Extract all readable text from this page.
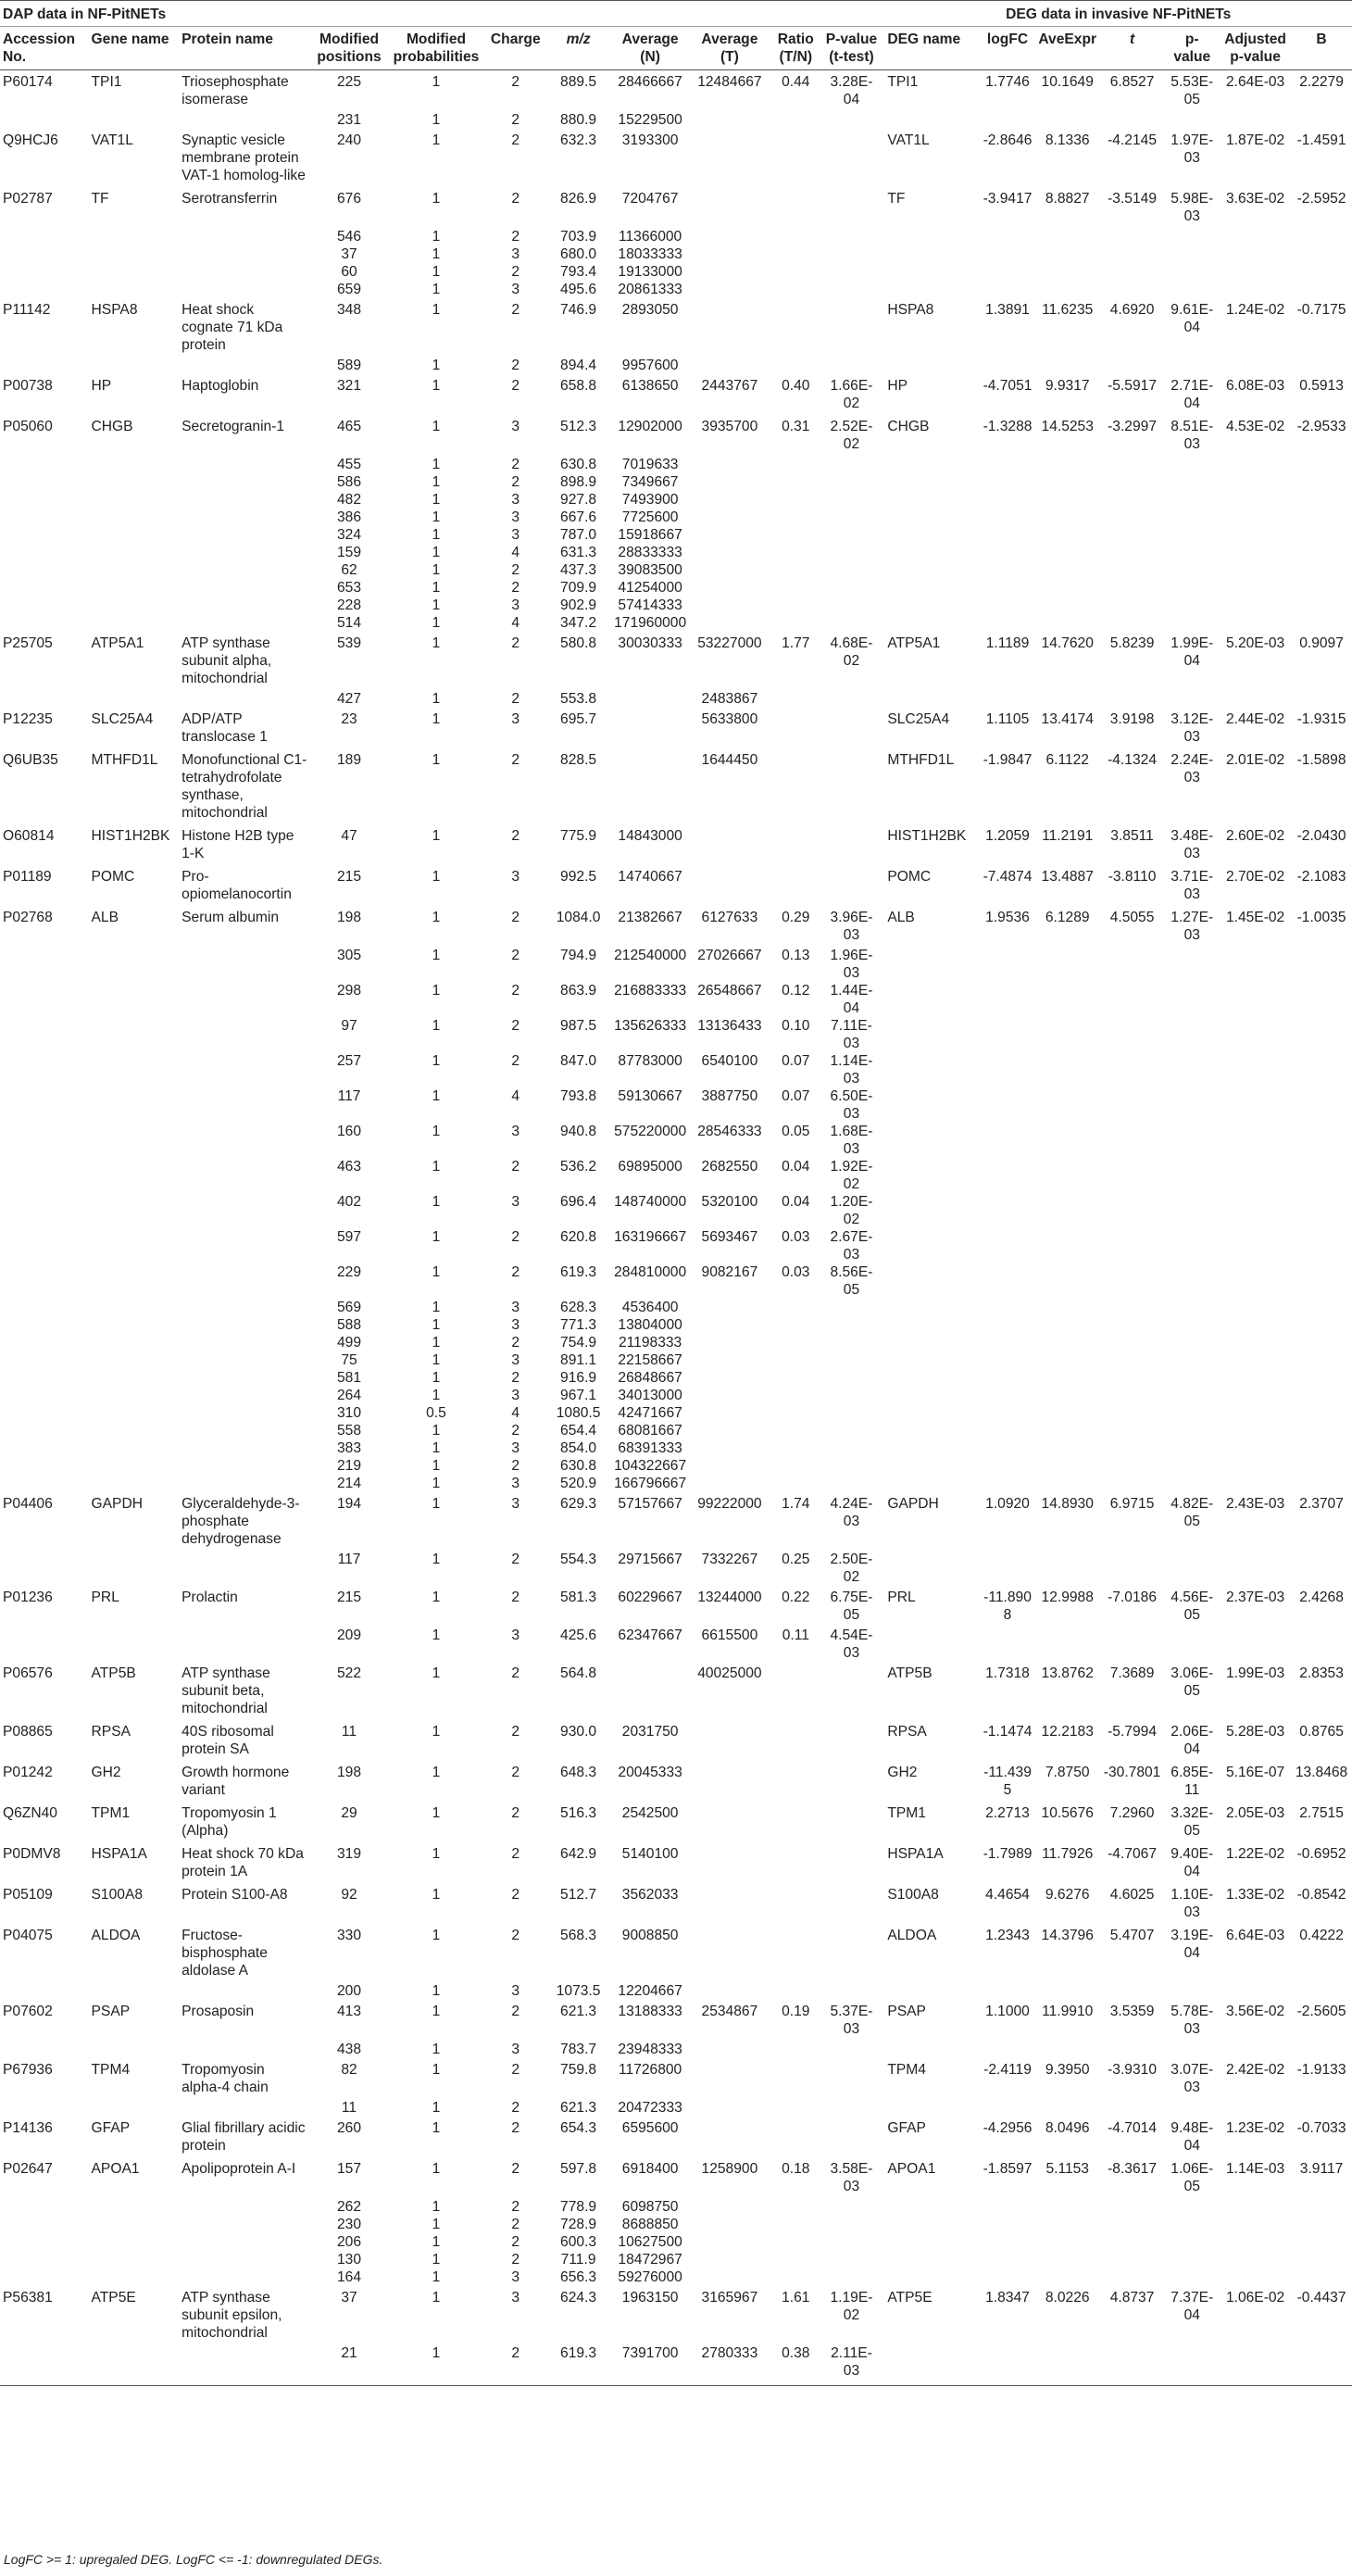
DAP data in NF-PitNETs											DEG data in invasive NF-PitNETs						
Accession No.	Gene name	Protein name	Modified positions	Modified probabilities	Charge	m/z	Average (N)	Average (T)	Ratio (T/N)	P-value (t-test)	DEG name	logFC	AveExpr	t	p-value	Adjusted p-value	B
P60174	TPI1	Triosephosphate isomerase	225	1	2	889.5	28466667	12484667	0.44	3.28E-04	TPI1	1.7746	10.1649	6.8527	5.53E-05	2.64E-03	2.2279
			231	1	2	880.9	15229500										
Q9HCJ6	VAT1L	Synaptic vesicle membrane protein VAT-1 homolog-like	240	1	2	632.3	3193300				VAT1L	-2.8646	8.1336	-4.2145	1.97E-03	1.87E-02	-1.4591
P02787	TF	Serotransferrin	676	1	2	826.9	7204767				TF	-3.9417	8.8827	-3.5149	5.98E-03	3.63E-02	-2.5952
			546	1	2	703.9	11366000										
			37	1	3	680.0	18033333										
			60	1	2	793.4	19133000										
			659	1	3	495.6	20861333										
P11142	HSPA8	Heat shock cognate 71 kDa protein	348	1	2	746.9	2893050				HSPA8	1.3891	11.6235	4.6920	9.61E-04	1.24E-02	-0.7175
			589	1	2	894.4	9957600										
P00738	HP	Haptoglobin	321	1	2	658.8	6138650	2443767	0.40	1.66E-02	HP	-4.7051	9.9317	-5.5917	2.71E-04	6.08E-03	0.5913
P05060	CHGB	Secretogranin-1	465	1	3	512.3	12902000	3935700	0.31	2.52E-02	CHGB	-1.3288	14.5253	-3.2997	8.51E-03	4.53E-02	-2.9533
			455	1	2	630.8	7019633										
			586	1	2	898.9	7349667										
			482	1	3	927.8	7493900										
			386	1	3	667.6	7725600										
			324	1	3	787.0	15918667										
			159	1	4	631.3	28833333										
			62	1	2	437.3	39083500										
			653	1	2	709.9	41254000										
			228	1	3	902.9	57414333										
			514	1	4	347.2	171960000										
P25705	ATP5A1	ATP synthase subunit alpha, mitochondrial	539	1	2	580.8	30030333	53227000	1.77	4.68E-02	ATP5A1	1.1189	14.7620	5.8239	1.99E-04	5.20E-03	0.9097
			427	1	2	553.8		2483867									
P12235	SLC25A4	ADP/ATP translocase 1	23	1	3	695.7		5633800			SLC25A4	1.1105	13.4174	3.9198	3.12E-03	2.44E-02	-1.9315
Q6UB35	MTHFD1L	Monofunctional C1-tetrahydrofolate synthase, mitochondrial	189	1	2	828.5		1644450			MTHFD1L	-1.9847	6.1122	-4.1324	2.24E-03	2.01E-02	-1.5898
O60814	HIST1H2BK	Histone H2B type 1-K	47	1	2	775.9	14843000				HIST1H2BK	1.2059	11.2191	3.8511	3.48E-03	2.60E-02	-2.0430
P01189	POMC	Pro-opiomelanocortin	215	1	3	992.5	14740667				POMC	-7.4874	13.4887	-3.8110	3.71E-03	2.70E-02	-2.1083
P02768	ALB	Serum albumin	198	1	2	1084.0	21382667	6127633	0.29	3.96E-03	ALB	1.9536	6.1289	4.5055	1.27E-03	1.45E-02	-1.0035
			305	1	2	794.9	212540000	27026667	0.13	1.96E-03							
			298	1	2	863.9	216883333	26548667	0.12	1.44E-04							
			97	1	2	987.5	135626333	13136433	0.10	7.11E-03							
			257	1	2	847.0	87783000	6540100	0.07	1.14E-03							
			117	1	4	793.8	59130667	3887750	0.07	6.50E-03							
			160	1	3	940.8	575220000	28546333	0.05	1.68E-03							
			463	1	2	536.2	69895000	2682550	0.04	1.92E-02							
			402	1	3	696.4	148740000	5320100	0.04	1.20E-02							
			597	1	2	620.8	163196667	5693467	0.03	2.67E-03							
			229	1	2	619.3	284810000	9082167	0.03	8.56E-05							
			569	1	3	628.3	4536400										
			588	1	3	771.3	13804000										
			499	1	2	754.9	21198333										
			75	1	3	891.1	22158667										
			581	1	2	916.9	26848667										
			264	1	3	967.1	34013000										
			310	0.5	4	1080.5	42471667										
			558	1	2	654.4	68081667										
			383	1	3	854.0	68391333										
			219	1	2	630.8	104322667										
			214	1	3	520.9	166796667										
P04406	GAPDH	Glyceraldehyde-3-phosphate dehydrogenase	194	1	3	629.3	57157667	99222000	1.74	4.24E-03	GAPDH	1.0920	14.8930	6.9715	4.82E-05	2.43E-03	2.3707
			117	1	2	554.3	29715667	7332267	0.25	2.50E-02							
P01236	PRL	Prolactin	215	1	2	581.3	60229667	13244000	0.22	6.75E-05	PRL	-11.8908	12.9988	-7.0186	4.56E-05	2.37E-03	2.4268
			209	1	3	425.6	62347667	6615500	0.11	4.54E-03							
P06576	ATP5B	ATP synthase subunit beta, mitochondrial	522	1	2	564.8		40025000			ATP5B	1.7318	13.8762	7.3689	3.06E-05	1.99E-03	2.8353
P08865	RPSA	40S ribosomal protein SA	11	1	2	930.0	2031750				RPSA	-1.1474	12.2183	-5.7994	2.06E-04	5.28E-03	0.8765
P01242	GH2	Growth hormone variant	198	1	2	648.3	20045333				GH2	-11.4395	7.8750	-30.7801	6.85E-11	5.16E-07	13.8468
Q6ZN40	TPM1	Tropomyosin 1 (Alpha)	29	1	2	516.3	2542500				TPM1	2.2713	10.5676	7.2960	3.32E-05	2.05E-03	2.7515
P0DMV8	HSPA1A	Heat shock 70 kDa protein 1A	319	1	2	642.9	5140100				HSPA1A	-1.7989	11.7926	-4.7067	9.40E-04	1.22E-02	-0.6952
P05109	S100A8	Protein S100-A8	92	1	2	512.7	3562033				S100A8	4.4654	9.6276	4.6025	1.10E-03	1.33E-02	-0.8542
P04075	ALDOA	Fructose-bisphosphate aldolase A	330	1	2	568.3	9008850				ALDOA	1.2343	14.3796	5.4707	3.19E-04	6.64E-03	0.4222
			200	1	3	1073.5	12204667										
P07602	PSAP	Prosaposin	413	1	2	621.3	13188333	2534867	0.19	5.37E-03	PSAP	1.1000	11.9910	3.5359	5.78E-03	3.56E-02	-2.5605
			438	1	3	783.7	23948333										
P67936	TPM4	Tropomyosin alpha-4 chain	82	1	2	759.8	11726800				TPM4	-2.4119	9.3950	-3.9310	3.07E-03	2.42E-02	-1.9133
			11	1	2	621.3	20472333										
P14136	GFAP	Glial fibrillary acidic protein	260	1	2	654.3	6595600				GFAP	-4.2956	8.0496	-4.7014	9.48E-04	1.23E-02	-0.7033
P02647	APOA1	Apolipoprotein A-I	157	1	2	597.8	6918400	1258900	0.18	3.58E-03	APOA1	-1.8597	5.1153	-8.3617	1.06E-05	1.14E-03	3.9117
			262	1	2	778.9	6098750										
			230	1	2	728.9	8688850										
			206	1	2	600.3	10627500										
			130	1	2	711.9	18472967										
			164	1	3	656.3	59276000										
P56381	ATP5E	ATP synthase subunit epsilon, mitochondrial	37	1	3	624.3	1963150	3165967	1.61	1.19E-02	ATP5E	1.8347	8.0226	4.8737	7.37E-04	1.06E-02	-0.4437
			21	1	2	619.3	7391700	2780333	0.38	2.11E-03							
LogFC >= 1: upregaled DEG. LogFC <= -1: downregulated DEGs.
